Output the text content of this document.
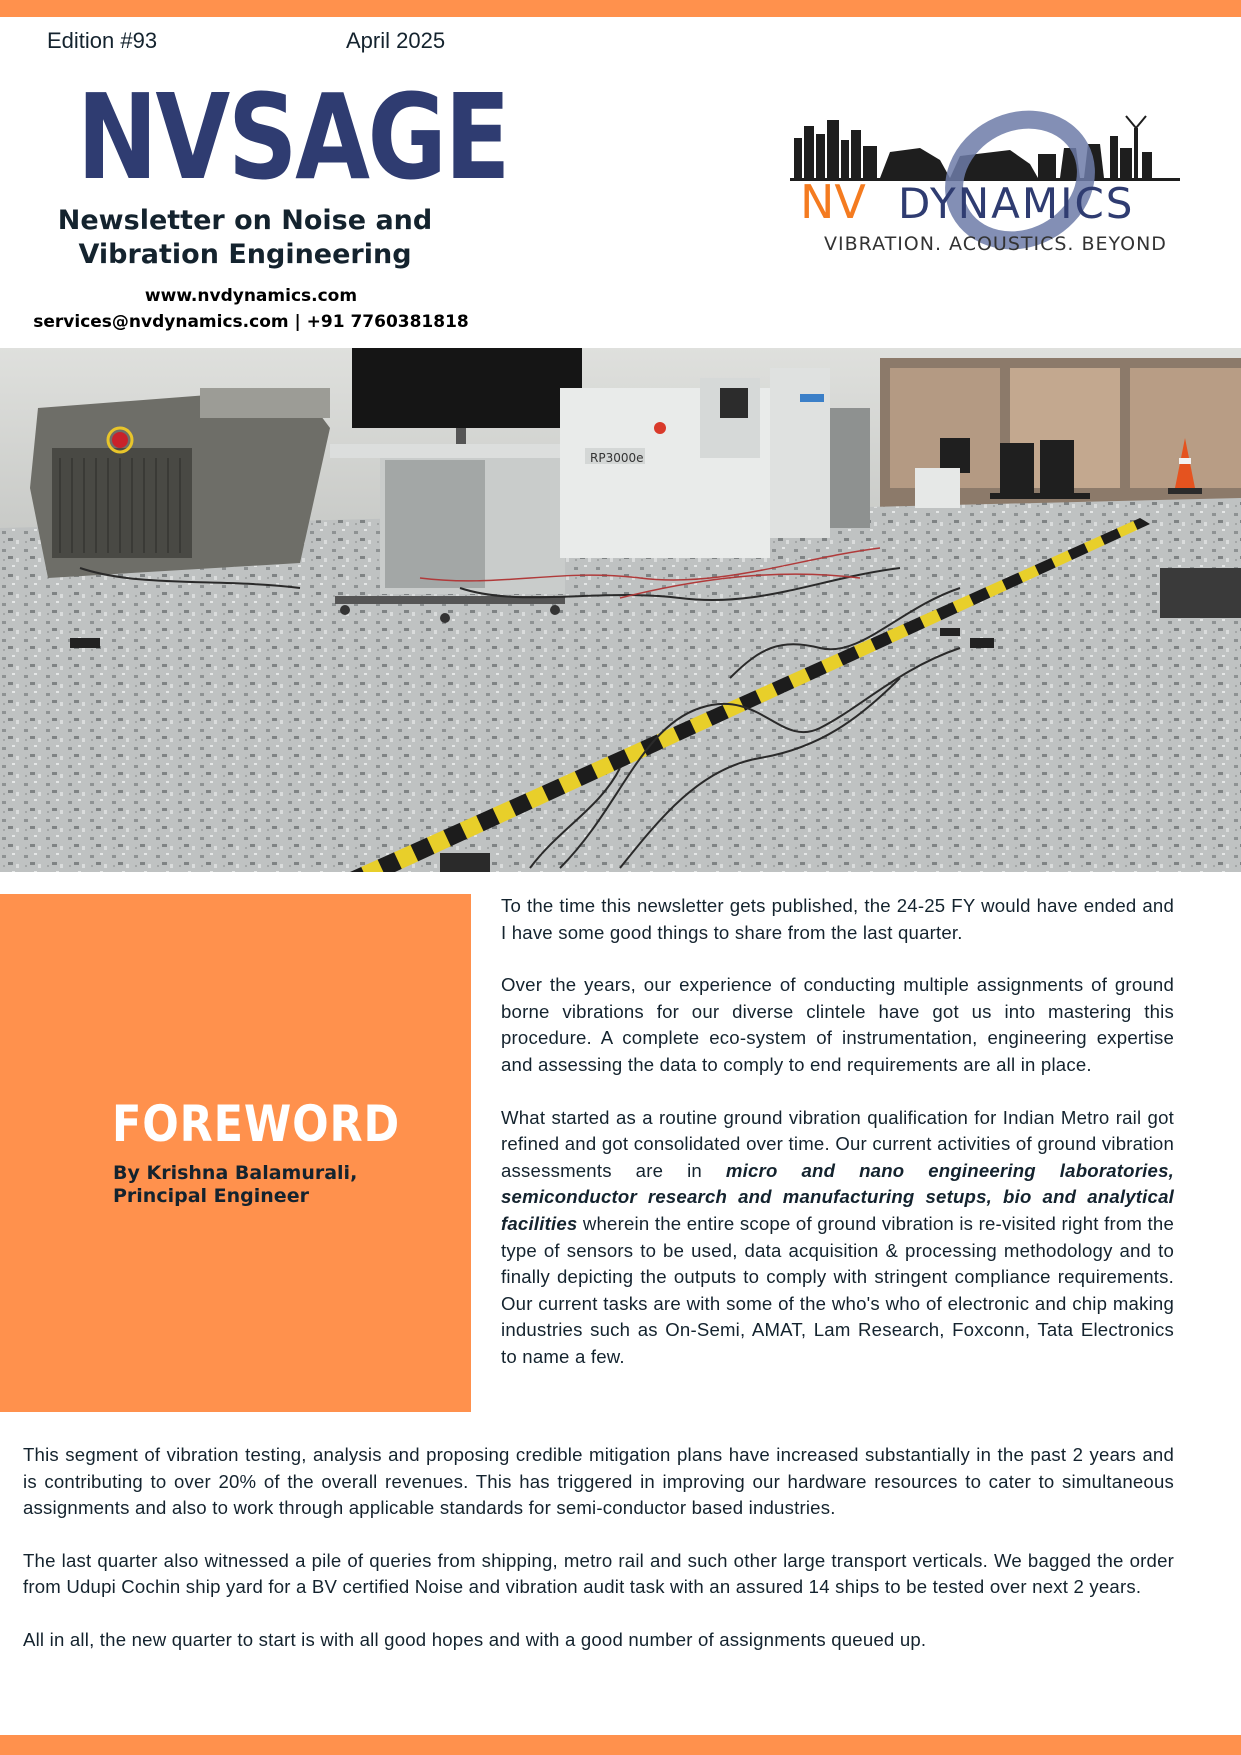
Edition #93	April 2025
NVSAGE
Newsletter on Noise and
Vibration Engineering
www.nvdynamics.com
services@nvdynamics.com | +91 7760381818
NV DYNAMICS
VIBRATION. ACOUSTICS. BEYOND
RP3000e
FOREWORD
By Krishna Balamurali,
Principal Engineer

To the time this newsletter gets published, the 24-25 FY would have ended and I have some good things to share from the last quarter.

Over the years, our experience of conducting multiple assignments of ground borne vibrations for our diverse clintele have got us into mastering this procedure. A complete eco-system of instrumentation, engineering expertise and assessing the data to comply to end requirements are all in place.

What started as a routine ground vibration qualification for Indian Metro rail got refined and got consolidated over time. Our current activities of ground vibration assessments are in micro and nano engineering laboratories, semiconductor research and manufacturing setups, bio and analytical facilities wherein the entire scope of ground vibration is re-visited right from the type of sensors to be used, data acquisition & processing methodology and to finally depicting the outputs to comply with stringent compliance requirements. Our current tasks are with some of the who's who of electronic and chip making industries such as On-Semi, AMAT, Lam Research, Foxconn, Tata Electronics to name a few.

This segment of vibration testing, analysis and proposing credible mitigation plans have increased substantially in the past 2 years and is contributing to over 20% of the overall revenues. This has triggered in improving our hardware resources to cater to simultaneous assignments and also to work through applicable standards for semi-conductor based industries.

The last quarter also witnessed a pile of queries from shipping, metro rail and such other large transport verticals. We bagged the order from Udupi Cochin ship yard for a BV certified Noise and vibration audit task with an assured 14 ships to be tested over next 2 years.

All in all, the new quarter to start is with all good hopes and with a good number of assignments queued up.
